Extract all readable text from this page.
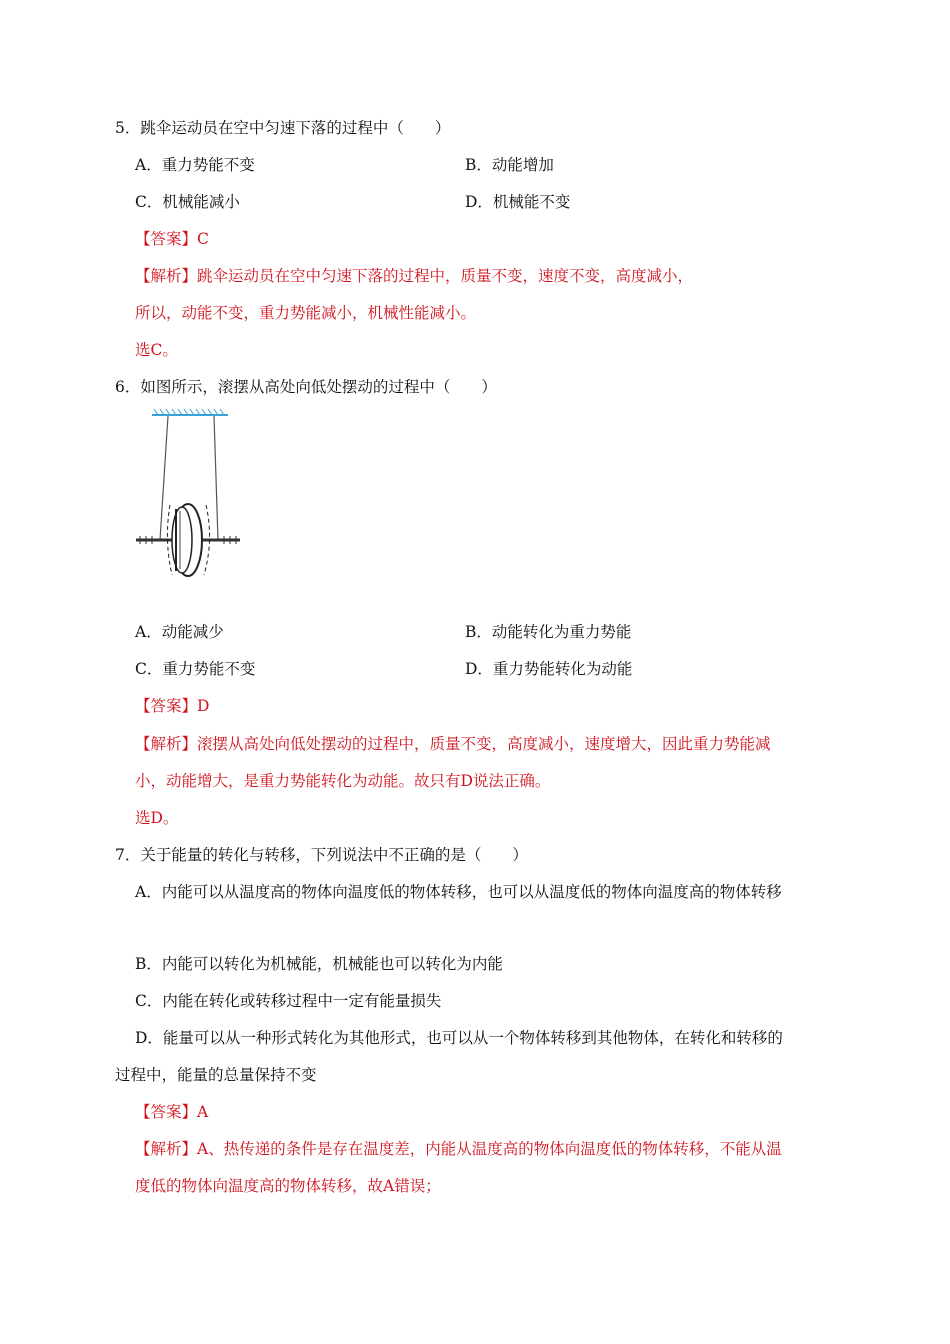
5．跳伞运动员在空中匀速下落的过程中（　　）
A．重力势能不变	B．动能增加
C．机械能减小	D．机械能不变
【答案】C
【解析】跳伞运动员在空中匀速下落的过程中，质量不变，速度不变，高度减小，
所以，动能不变，重力势能减小，机械性能减小。
选C。
6．如图所示，滚摆从高处向低处摆动的过程中（　　）
A．动能减少	B．动能转化为重力势能
C．重力势能不变	D．重力势能转化为动能
【答案】D
【解析】滚摆从高处向低处摆动的过程中，质量不变，高度减小，速度增大，因此重力势能减
小，动能增大，是重力势能转化为动能。故只有D说法正确。
选D。
7．关于能量的转化与转移，下列说法中不正确的是（　　）
A．内能可以从温度高的物体向温度低的物体转移，也可以从温度低的物体向温度高的物体转移
B．内能可以转化为机械能，机械能也可以转化为内能
C．内能在转化或转移过程中一定有能量损失
D．能量可以从一种形式转化为其他形式，也可以从一个物体转移到其他物体，在转化和转移的
过程中，能量的总量保持不变
【答案】A
【解析】A、热传递的条件是存在温度差，内能从温度高的物体向温度低的物体转移，不能从温
度低的物体向温度高的物体转移，故A错误；
